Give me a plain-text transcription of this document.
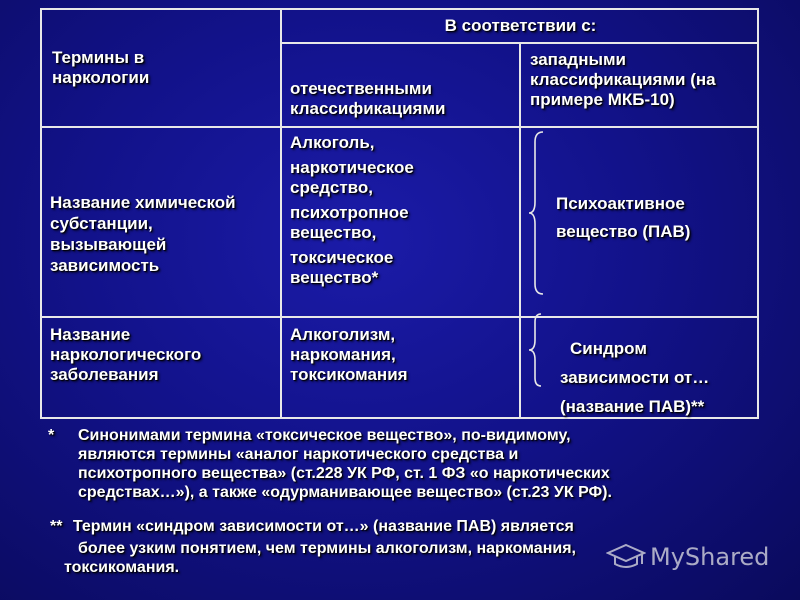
Термины в
наркологии
В соответствии с:
отечественными
классификациями
западными
классификациями (на
примере МКБ-10)
Название химической
субстанции,
вызывающей
зависимость
Алкоголь,
наркотическое
средство,
психотропное
вещество,
токсическое
вещество*
Психоактивное
вещество (ПАВ)
Название
наркологического
заболевания
Алкоголизм,
наркомания,
токсикомания
Синдром
зависимости от…
(название ПАВ)**
* Синонимами термина «токсическое вещество», по-видимому,
являются термины «аналог наркотического средства и
психотропного вещества» (ст.228 УК РФ, ст. 1 ФЗ «о наркотических
средствах…»), а также «одурманивающее вещество» (ст.23 УК РФ).
** Термин «синдром зависимости от…» (название ПАВ) является
более узким понятием, чем термины алкоголизм, наркомания,
токсикомания.	MyShared
